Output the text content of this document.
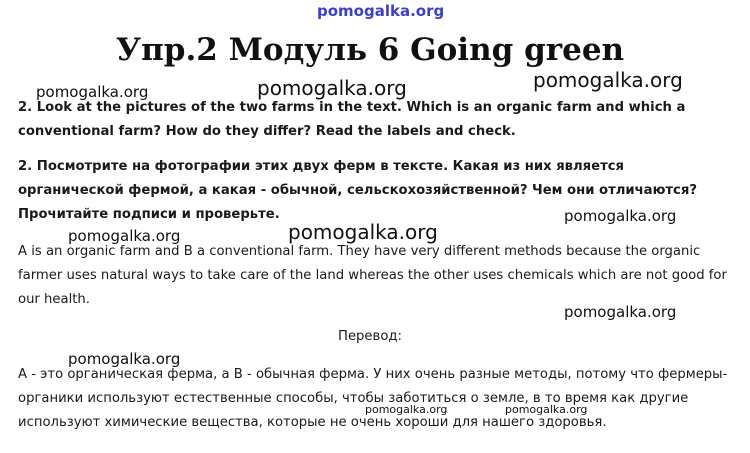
pomogalka.org
Упр.2 Модуль 6 Going green
pomogalka.org	pomogalka.org	pomogalka.org

2. Look at the pictures of the two farms in the text. Which is an organic farm and which a conventional farm? How do they differ? Read the labels and check.

2. Посмотрите на фотографии этих двух ферм в тексте. Какая из них является органической фермой, а какая - обычной, сельскохозяйственной? Чем они отличаются? Прочитайте подписи и проверьте.	pomogalka.org
pomogalka.org
pomogalka.org

A is an organic farm and B a conventional farm. They have very different methods because the organic farmer uses natural ways to take care of the land whereas the other uses chemicals which are not good for our health.

pomogalka.org
Перевод:
pomogalka.org

А - это органическая ферма, а В - обычная ферма. У них очень разные методы, потому что фермеры-органики используют естественные способы, чтобы заботиться о земле, в то время как другие используют химические вещества, которые не очень хороши для нашего здоровья.

pomogalka.org	pomogalka.org
